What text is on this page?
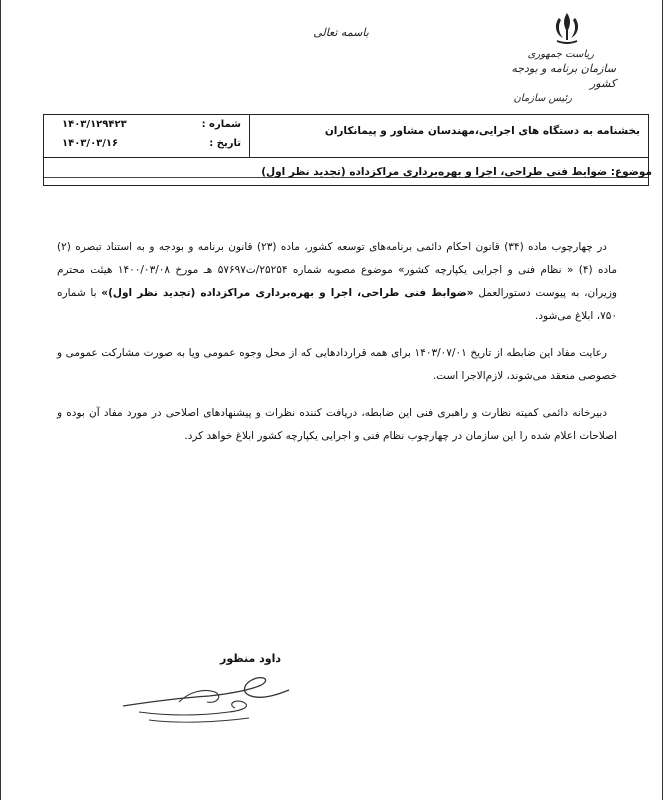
باسمه تعالی
ریاست جمهوری
سازمان برنامه و بودجه کشور
رئیس سازمان
بخشنامه به دستگاه های اجرایی،مهندسان مشاور و پیمانکاران
شماره :
۱۴۰۳/۱۲۹۴۲۳
تاریخ :
۱۴۰۳/۰۳/۱۶
موضوع: ضوابط فنی طراحی، اجرا و بهره‌برداری مراکزداده (تجدید نظر اول)

در چهارچوب ماده (۳۴) قانون احکام دائمی برنامه‌های توسعه کشور، ماده (۲۳) قانون برنامه و بودجه و به استناد تبصره (۲) ماده (۴) « نظام فنی و اجرایی یکپارچه کشور» موضوع مصوبه شماره ۲۵۲۵۴/ت۵۷۶۹۷ هـ مورخ ۱۴۰۰/۰۳/۰۸ هیئت محترم وزیران، به پیوست دستورالعمل «ضوابط فنی طراحی، اجرا و بهره‌برداری مراکزداده (تجدید نظر اول)» با شماره ۷۵۰، ابلاغ می‌شود.

رعایت مفاد این ضابطه از تاریخ ۱۴۰۳/۰۷/۰۱ برای همه قراردادهایی که از محل وجوه عمومی ویا به صورت مشارکت عمومی و خصوصی منعقد می‌شوند، لازم‌الاجرا است.

دبیرخانه دائمی کمیته نظارت و راهبری فنی این ضابطه، دریافت کننده نظرات و پیشنهادهای اصلاحی در مورد مفاد آن بوده و اصلاحات اعلام شده را این سازمان در چهارچوب نظام فنی و اجرایی یکپارچه کشور ابلاغ خواهد کرد.

داود منظور
